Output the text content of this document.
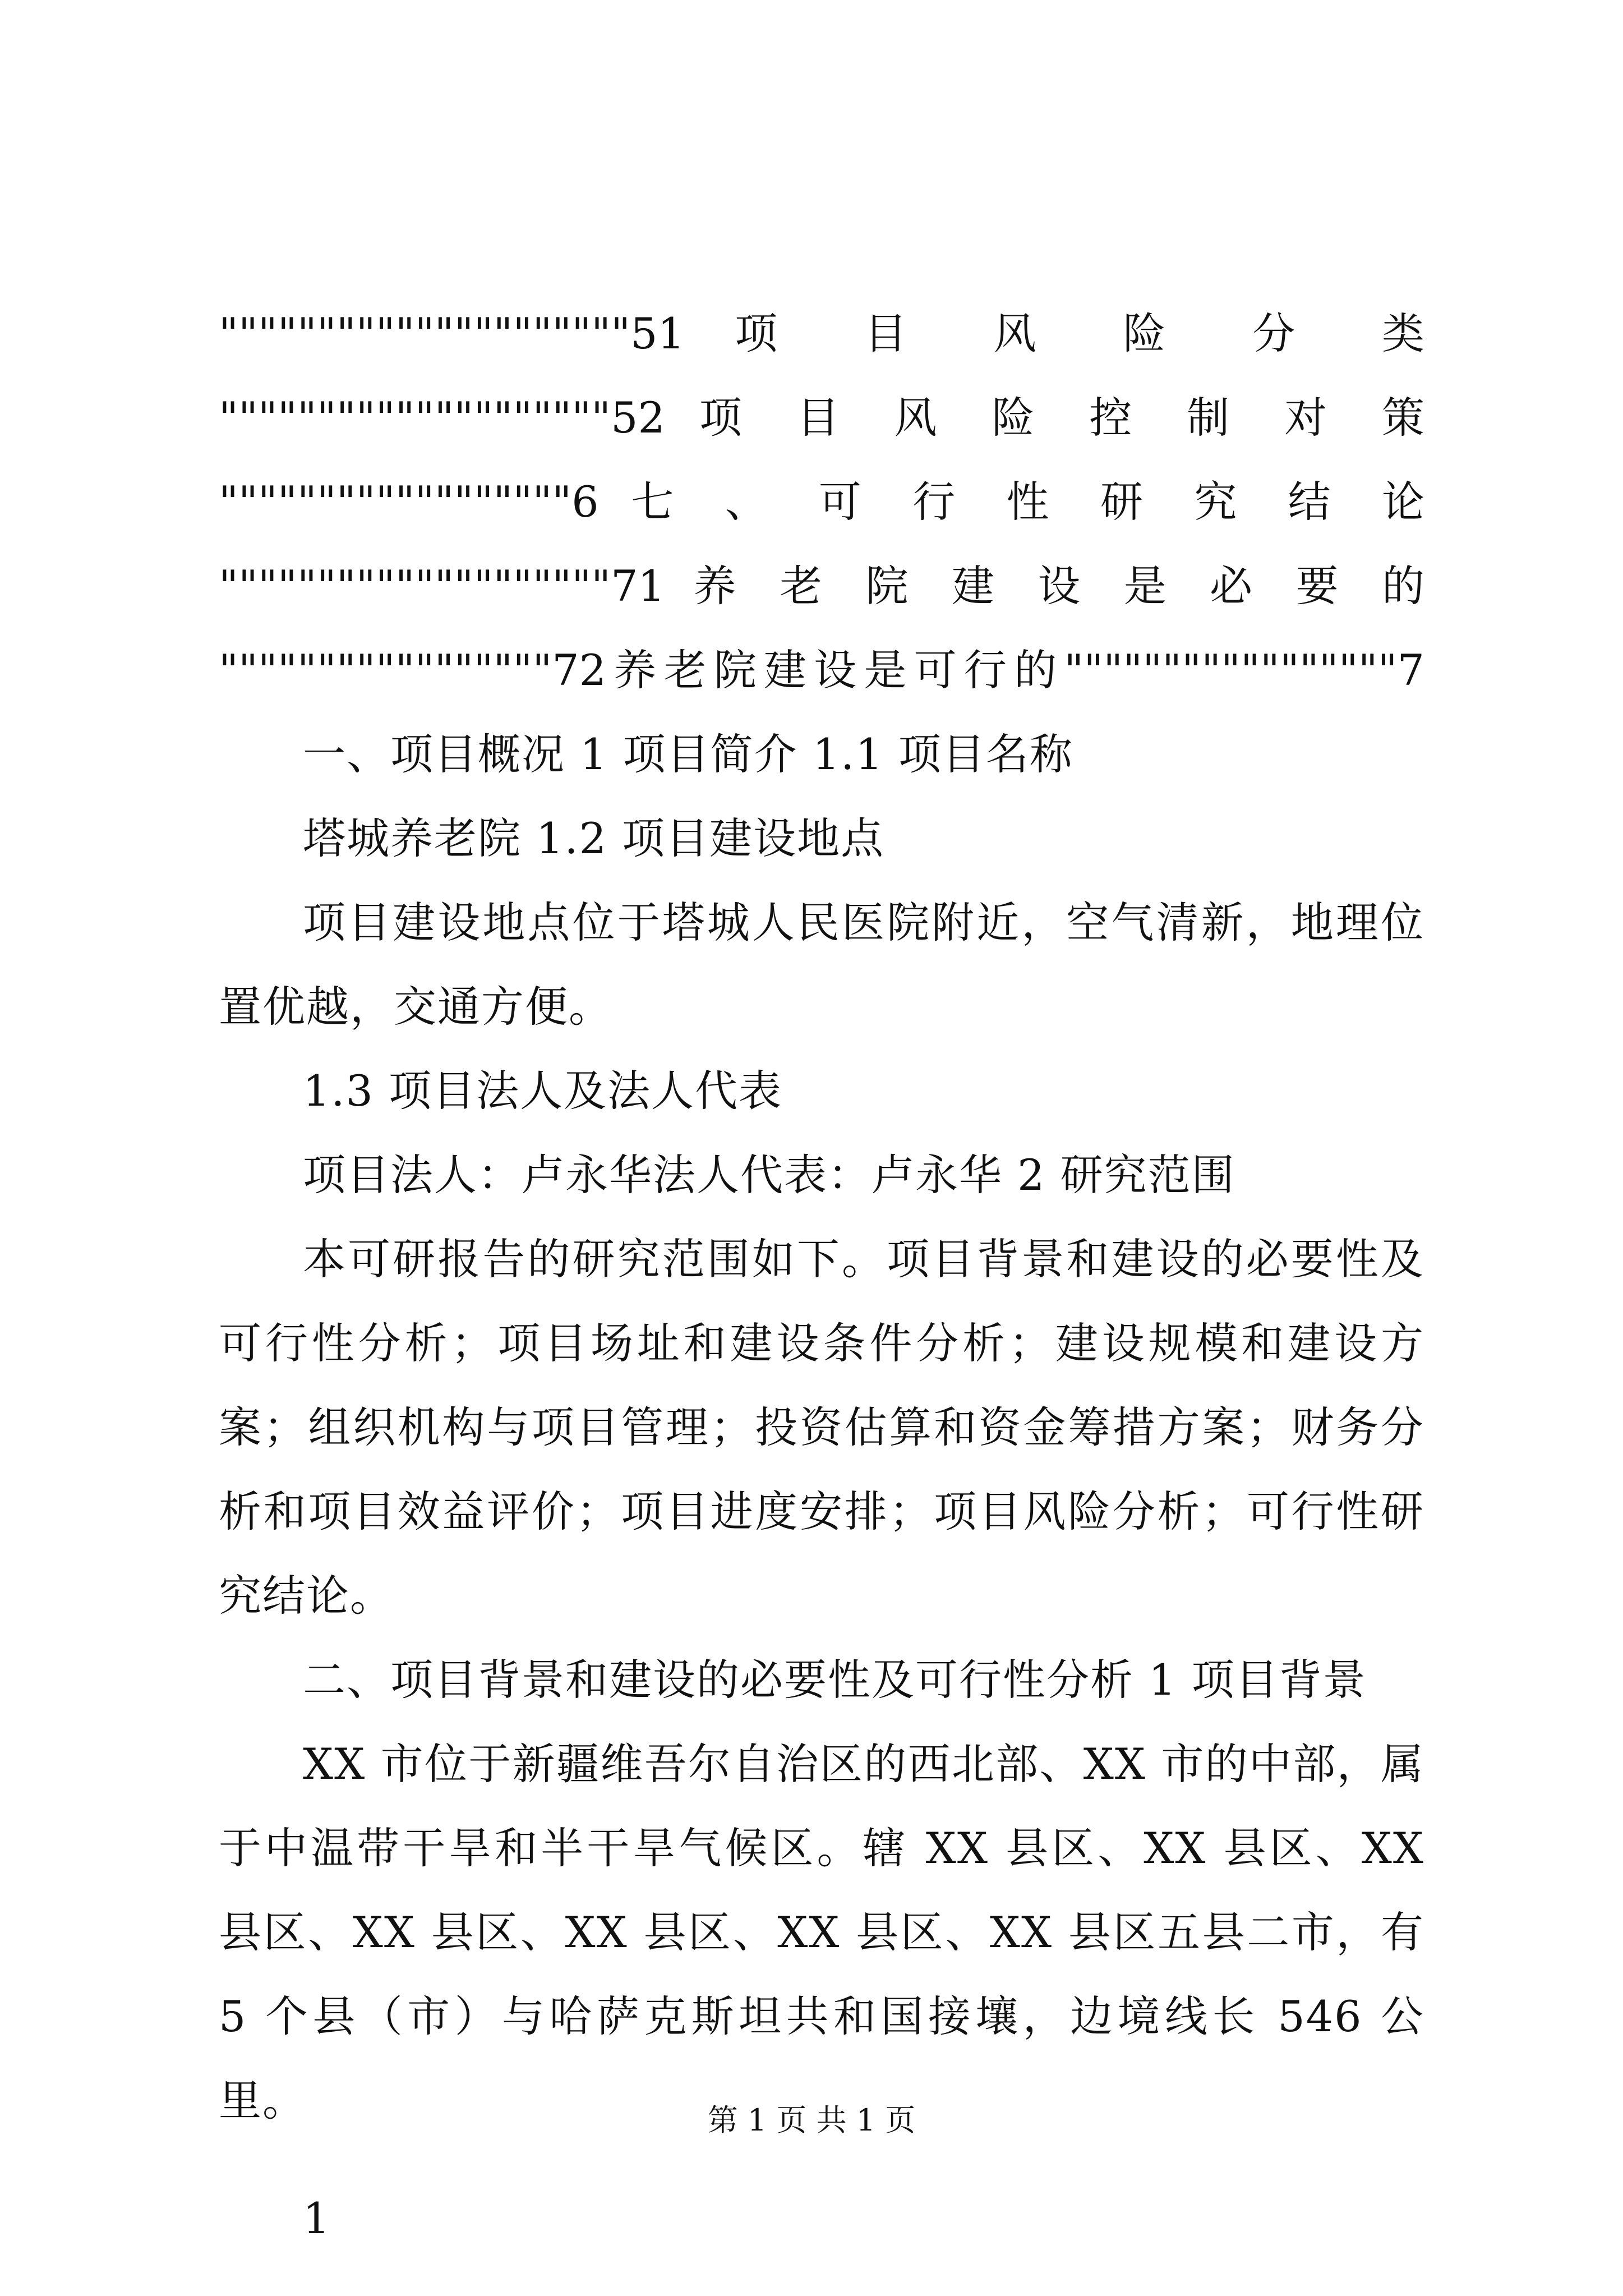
"""""""""""""""""""""51 项 目 风 险 分 类
""""""""""""""""""""52 项 目 风 险 控 制 对 策
""""""""""""""""""6 七 、 可 行 性 研 究 结 论
""""""""""""""""""""71 养 老 院 建 设 是 必 要 的
"""""""""""""""""72养老院建设是可行的"""""""""""""""""7
一、项目概况 1 项目简介 1.1 项目名称
塔城养老院 1.2 项目建设地点
项目建设地点位于塔城人民医院附近，空气清新，地理位置优越，交通方便。
1.3 项目法人及法人代表
项目法人：卢永华法人代表：卢永华 2 研究范围
本可研报告的研究范围如下。项目背景和建设的必要性及可行性分析；项目场址和建设条件分析；建设规模和建设方案；组织机构与项目管理；投资估算和资金筹措方案；财务分析和项目效益评价；项目进度安排；项目风险分析；可行性研究结论。
二、项目背景和建设的必要性及可行性分析 1 项目背景
XX 市位于新疆维吾尔自治区的西北部、XX 市的中部，属于中温带干旱和半干旱气候区。辖 XX 县区、XX 县区、XX 县区、XX 县区、XX 县区、XX 县区、XX 县区五县二市，有 5 个县（市）与哈萨克斯坦共和国接壤，边境线长 546 公里。
1
第 1 页 共 1 页
